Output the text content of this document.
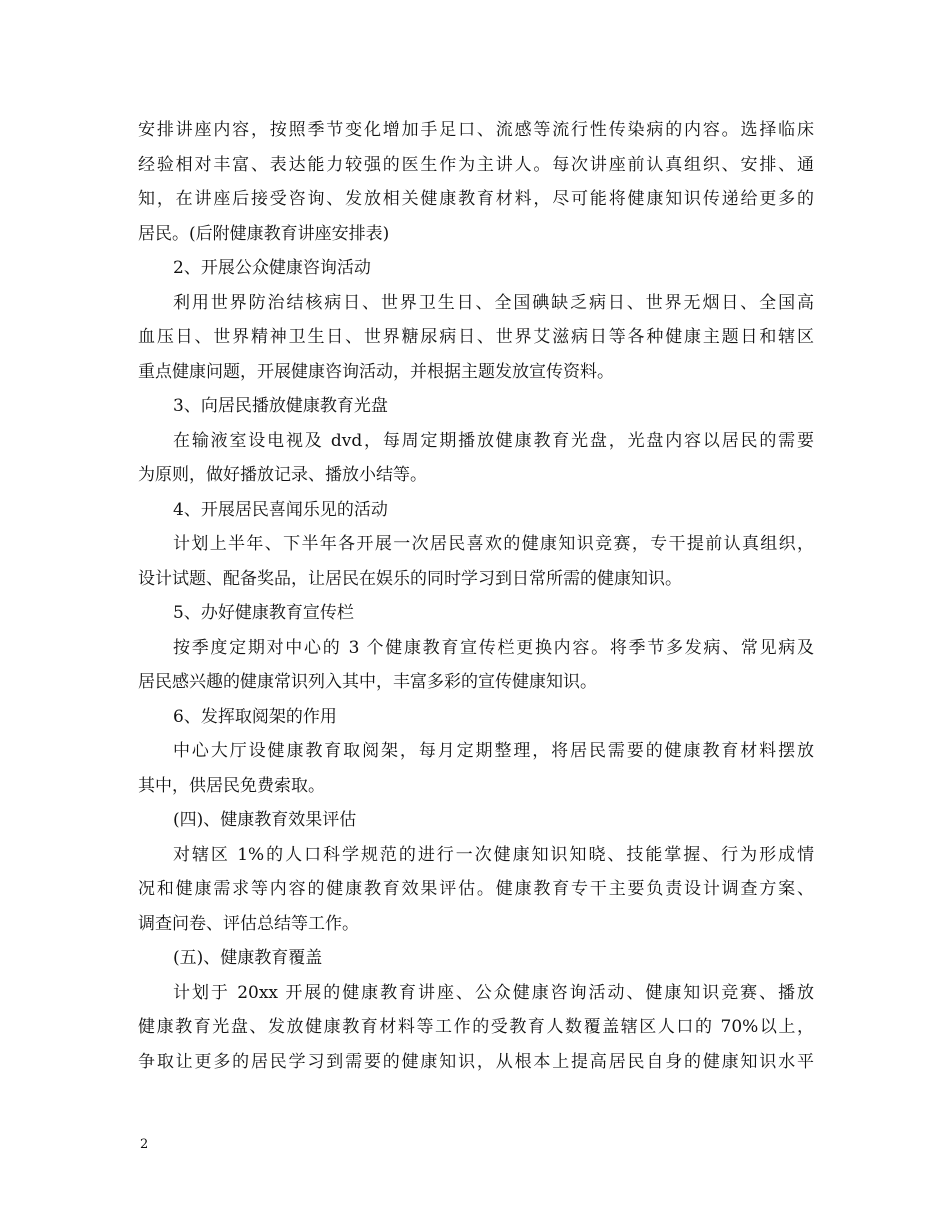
安排讲座内容，按照季节变化增加手足口、流感等流行性传染病的内容。选择临床
经验相对丰富、表达能力较强的医生作为主讲人。每次讲座前认真组织、安排、通
知，在讲座后接受咨询、发放相关健康教育材料，尽可能将健康知识传递给更多的
居民。(后附健康教育讲座安排表)
2、开展公众健康咨询活动
利用世界防治结核病日、世界卫生日、全国碘缺乏病日、世界无烟日、全国高
血压日、世界精神卫生日、世界糖尿病日、世界艾滋病日等各种健康主题日和辖区
重点健康问题，开展健康咨询活动，并根据主题发放宣传资料。
3、向居民播放健康教育光盘
在输液室设电视及 dvd，每周定期播放健康教育光盘，光盘内容以居民的需要
为原则，做好播放记录、播放小结等。
4、开展居民喜闻乐见的活动
计划上半年、下半年各开展一次居民喜欢的健康知识竞赛，专干提前认真组织，
设计试题、配备奖品，让居民在娱乐的同时学习到日常所需的健康知识。
5、办好健康教育宣传栏
按季度定期对中心的 3 个健康教育宣传栏更换内容。将季节多发病、常见病及
居民感兴趣的健康常识列入其中，丰富多彩的宣传健康知识。
6、发挥取阅架的作用
中心大厅设健康教育取阅架，每月定期整理，将居民需要的健康教育材料摆放
其中，供居民免费索取。
(四)、健康教育效果评估
对辖区 1%的人口科学规范的进行一次健康知识知晓、技能掌握、行为形成情
况和健康需求等内容的健康教育效果评估。健康教育专干主要负责设计调查方案、
调查问卷、评估总结等工作。
(五)、健康教育覆盖
计划于 20xx 开展的健康教育讲座、公众健康咨询活动、健康知识竞赛、播放
健康教育光盘、发放健康教育材料等工作的受教育人数覆盖辖区人口的 70%以上，
争取让更多的居民学习到需要的健康知识，从根本上提高居民自身的健康知识水平
2
